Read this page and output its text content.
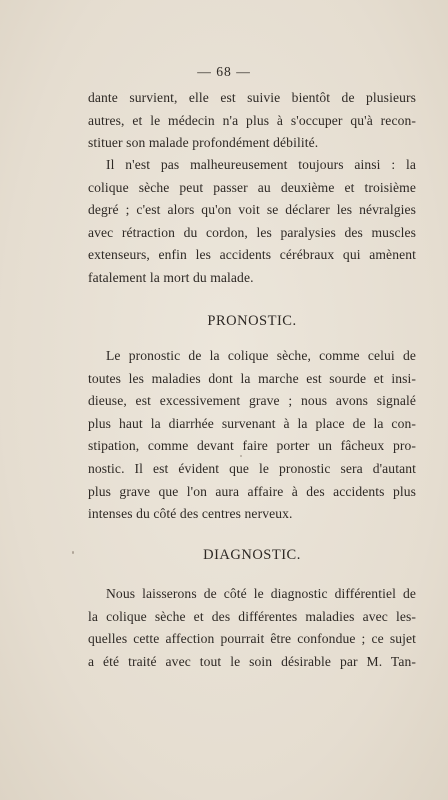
— 68 —
dante survient, elle est suivie bientôt de plusieurs
autres, et le médecin n'a plus à s'occuper qu'à recon-
stituer son malade profondément débilité.
Il n'est pas malheureusement toujours ainsi : la
colique sèche peut passer au deuxième et troisième
degré ; c'est alors qu'on voit se déclarer les névralgies
avec rétraction du cordon, les paralysies des muscles
extenseurs, enfin les accidents cérébraux qui amènent
fatalement la mort du malade.
PRONOSTIC.
Le pronostic de la colique sèche, comme celui de
toutes les maladies dont la marche est sourde et insi-
dieuse, est excessivement grave ; nous avons signalé
plus haut la diarrhée survenant à la place de la con-
stipation, comme devant faire porter un fâcheux pro-
nostic. Il est évident que le pronostic sera d'autant
plus grave que l'on aura affaire à des accidents plus
intenses du côté des centres nerveux.
DIAGNOSTIC.
Nous laisserons de côté le diagnostic différentiel de
la colique sèche et des différentes maladies avec les-
quelles cette affection pourrait être confondue ; ce sujet
a été traité avec tout le soin désirable par M. Tan-
